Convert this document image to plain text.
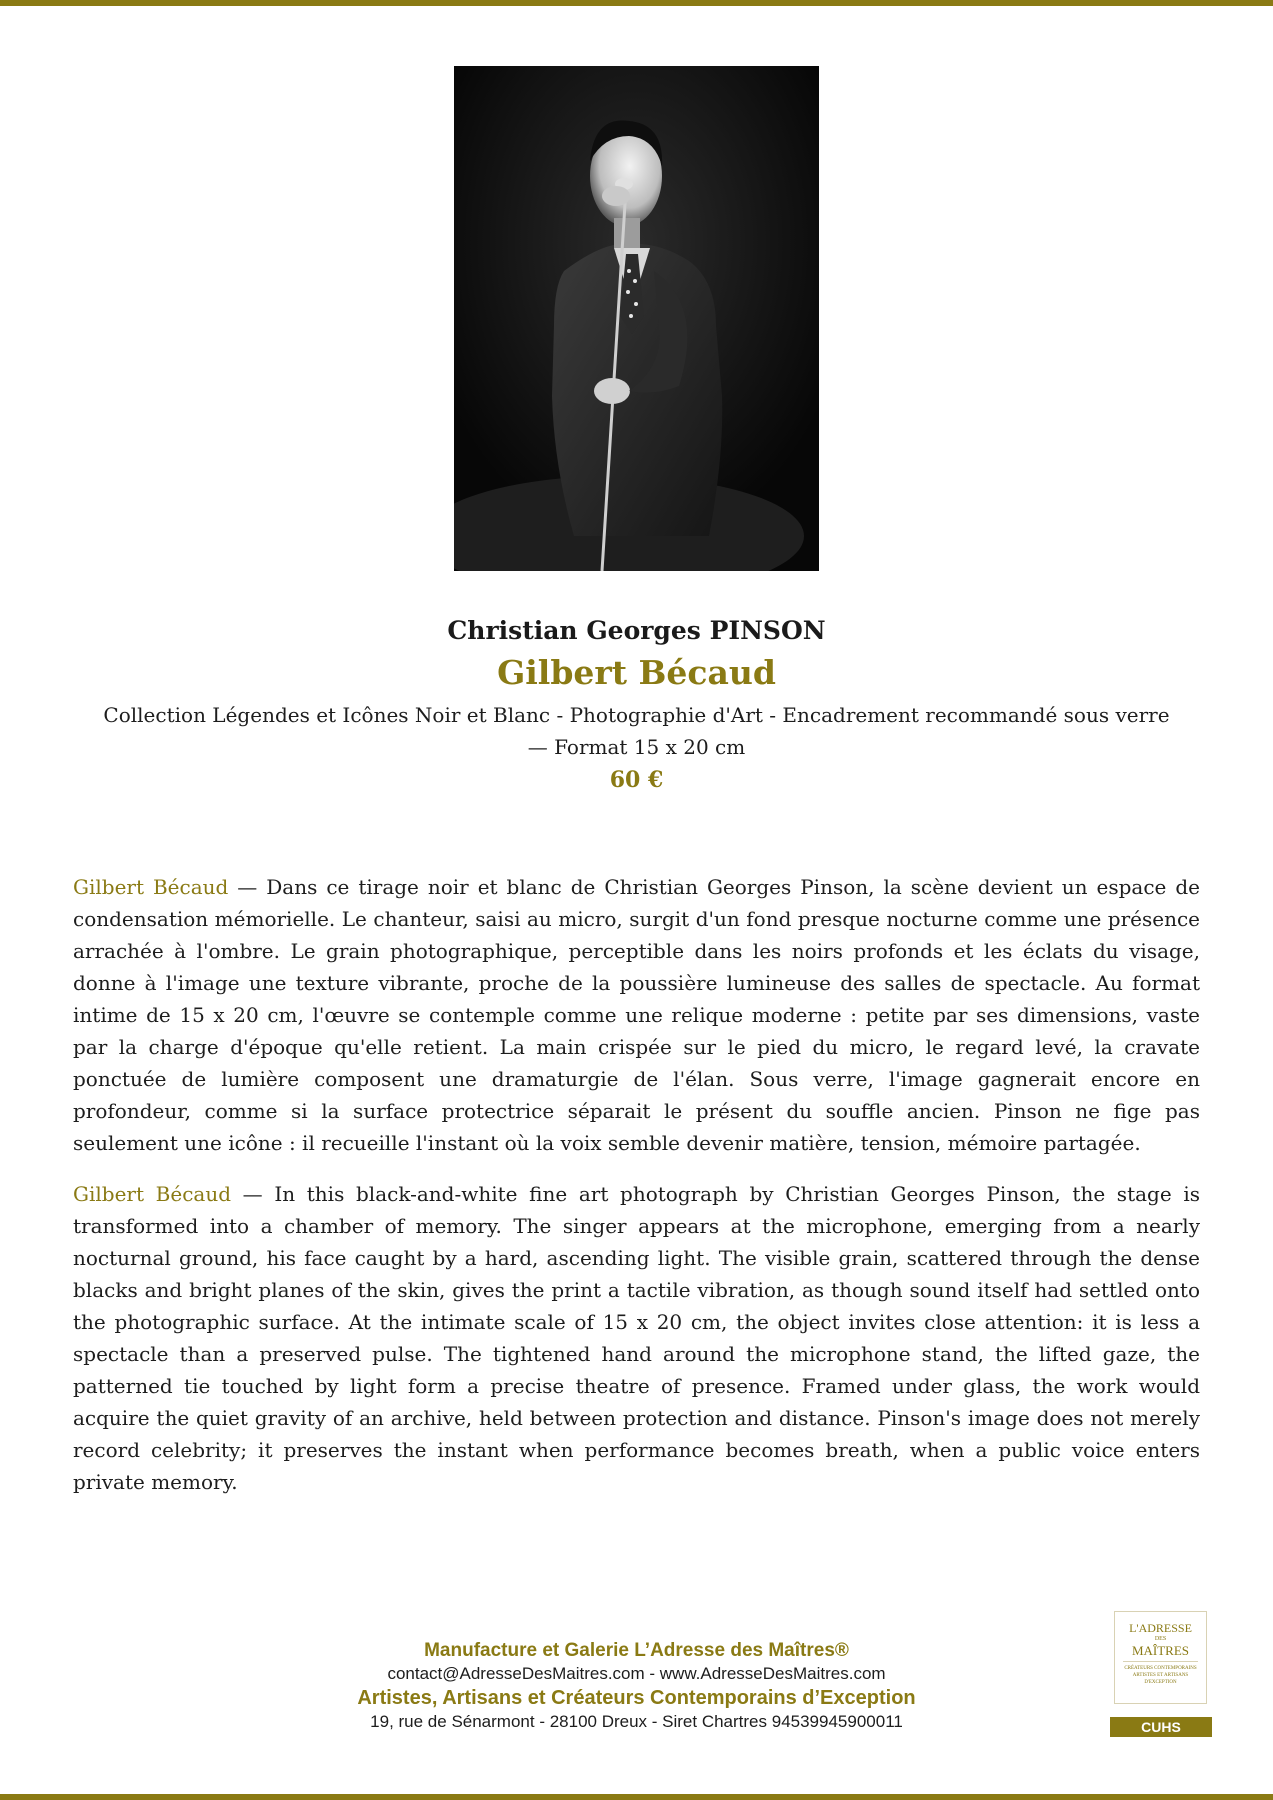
Christian Georges PINSON
Gilbert Bécaud
Collection Légendes et Icônes Noir et Blanc - Photographie d'Art - Encadrement recommandé sous verre — Format 15 x 20 cm
60 €

Gilbert Bécaud — Dans ce tirage noir et blanc de Christian Georges Pinson, la scène devient un espace de condensation mémorielle. Le chanteur, saisi au micro, surgit d'un fond presque nocturne comme une présence arrachée à l'ombre. Le grain photographique, perceptible dans les noirs profonds et les éclats du visage, donne à l'image une texture vibrante, proche de la poussière lumineuse des salles de spectacle. Au format intime de 15 x 20 cm, l'œuvre se contemple comme une relique moderne : petite par ses dimensions, vaste par la charge d'époque qu'elle retient. La main crispée sur le pied du micro, le regard levé, la cravate ponctuée de lumière composent une dramaturgie de l'élan. Sous verre, l'image gagnerait encore en profondeur, comme si la surface protectrice séparait le présent du souffle ancien. Pinson ne fige pas seulement une icône : il recueille l'instant où la voix semble devenir matière, tension, mémoire partagée.

Gilbert Bécaud — In this black-and-white fine art photograph by Christian Georges Pinson, the stage is transformed into a chamber of memory. The singer appears at the microphone, emerging from a nearly nocturnal ground, his face caught by a hard, ascending light. The visible grain, scattered through the dense blacks and bright planes of the skin, gives the print a tactile vibration, as though sound itself had settled onto the photographic surface. At the intimate scale of 15 x 20 cm, the object invites close attention: it is less a spectacle than a preserved pulse. The tightened hand around the microphone stand, the lifted gaze, the patterned tie touched by light form a precise theatre of presence. Framed under glass, the work would acquire the quiet gravity of an archive, held between protection and distance. Pinson's image does not merely record celebrity; it preserves the instant when performance becomes breath, when a public voice enters private memory.

Manufacture et Galerie L’Adresse des Maîtres®
contact@AdresseDesMaitres.com - www.AdresseDesMaitres.com
Artistes, Artisans et Créateurs Contemporains d’Exception
19, rue de Sénarmont - 28100 Dreux - Siret Chartres 94539945900011
L'ADRESSE
DES
MAÎTRES
CRÉATEURS CONTEMPORAINS ARTISTES ET ARTISANS D'EXCEPTION
CUHS
